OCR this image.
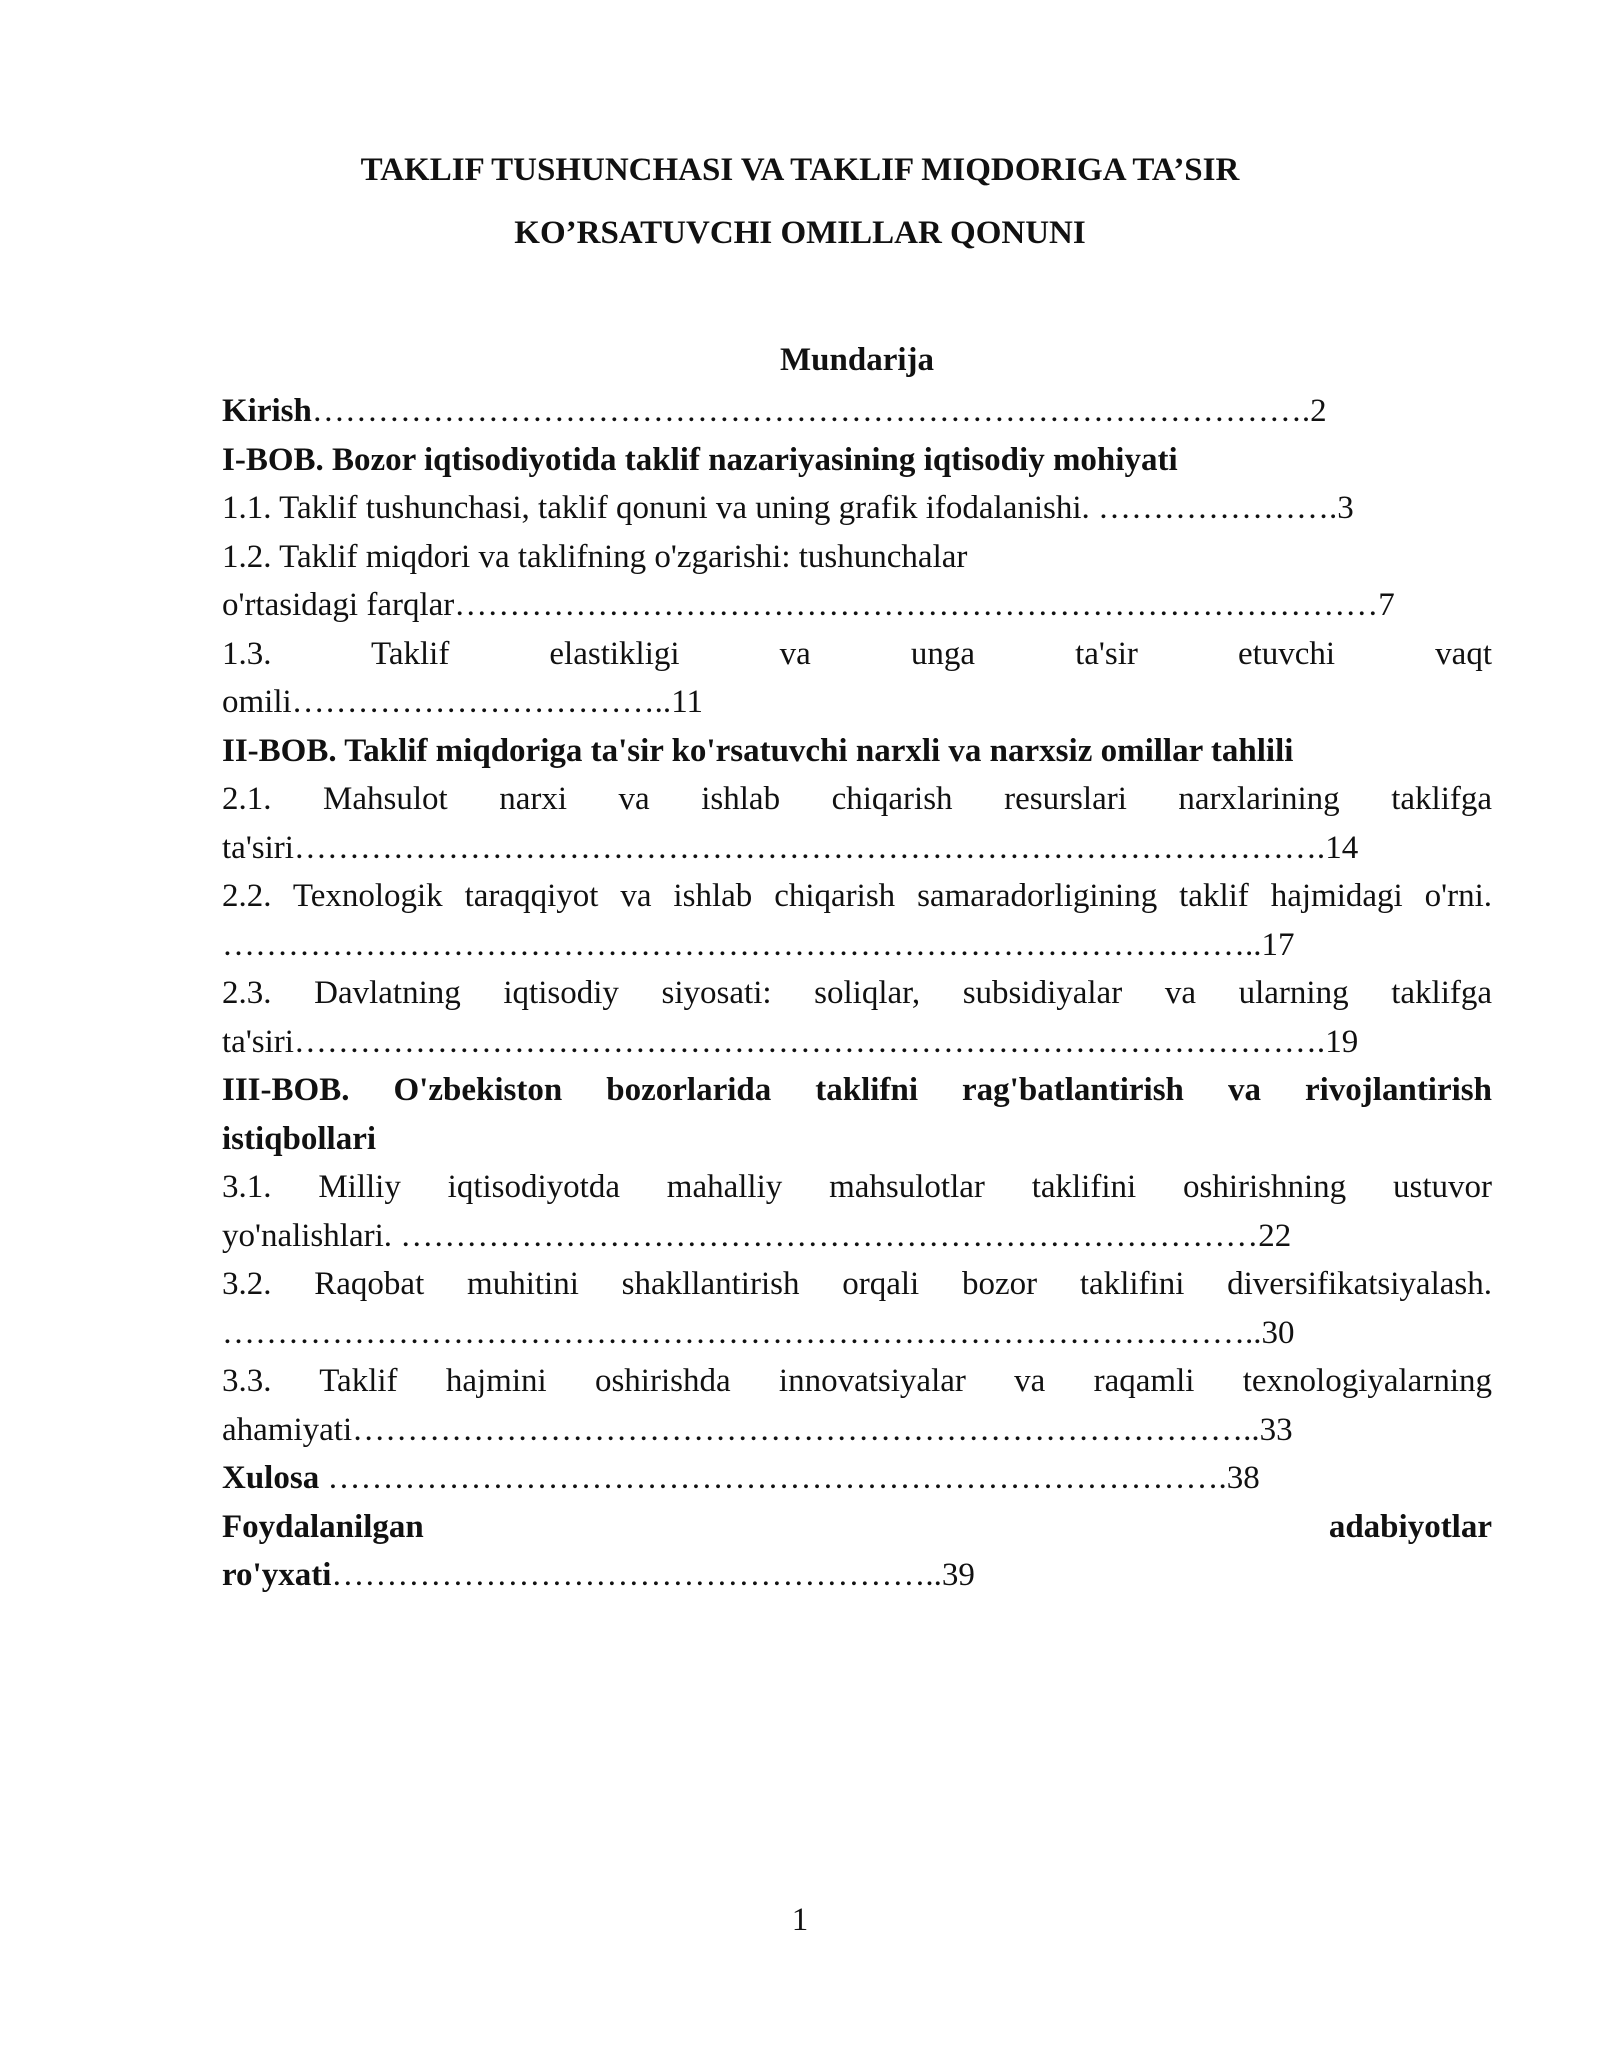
TAKLIF TUSHUNCHASI VA TAKLIF MIQDORIGA TA’SIR
KO’RSATUVCHI OMILLAR QONUNI
Mundarija
Kirish……………………………………………………………………………….2
I-BOB. Bozor iqtisodiyotida taklif nazariyasining iqtisodiy mohiyati
1.1. Taklif tushunchasi, taklif qonuni va uning grafik ifodalanishi. ………………….3
1.2. Taklif miqdori va taklifning o'zgarishi: tushunchalar
o'rtasidagi farqlar…………………………………………………………………………7
1.3. Taklif elastikligi va unga ta'sir etuvchi vaqt
omili……………………………..11
II-BOB. Taklif miqdoriga ta'sir ko'rsatuvchi narxli va narxsiz omillar tahlili
2.1. Mahsulot narxi va ishlab chiqarish resurslari narxlarining taklifga
ta'siri………………………………………………………………………………….14
2.2. Texnologik taraqqiyot va ishlab chiqarish samaradorligining taklif hajmidagi o'rni.
…………………………………………………………………………………..17
2.3. Davlatning iqtisodiy siyosati: soliqlar, subsidiyalar va ularning taklifga
ta'siri………………………………………………………………………………….19
III-BOB. O'zbekiston bozorlarida taklifni rag'batlantirish va rivojlantirish
istiqbollari
3.1. Milliy iqtisodiyotda mahalliy mahsulotlar taklifini oshirishning ustuvor
yo'nalishlari. ……………………………………………………………………22
3.2. Raqobat muhitini shakllantirish orqali bozor taklifini diversifikatsiyalash.
…………………………………………………………………………………..30
3.3. Taklif hajmini oshirishda innovatsiyalar va raqamli texnologiyalarning
ahamiyati………………………………………………………………………..33
Xulosa ……………………………………………………………………….38
Foydalanilgan adabiyotlar
ro'yxati………………………………………………..39
1
